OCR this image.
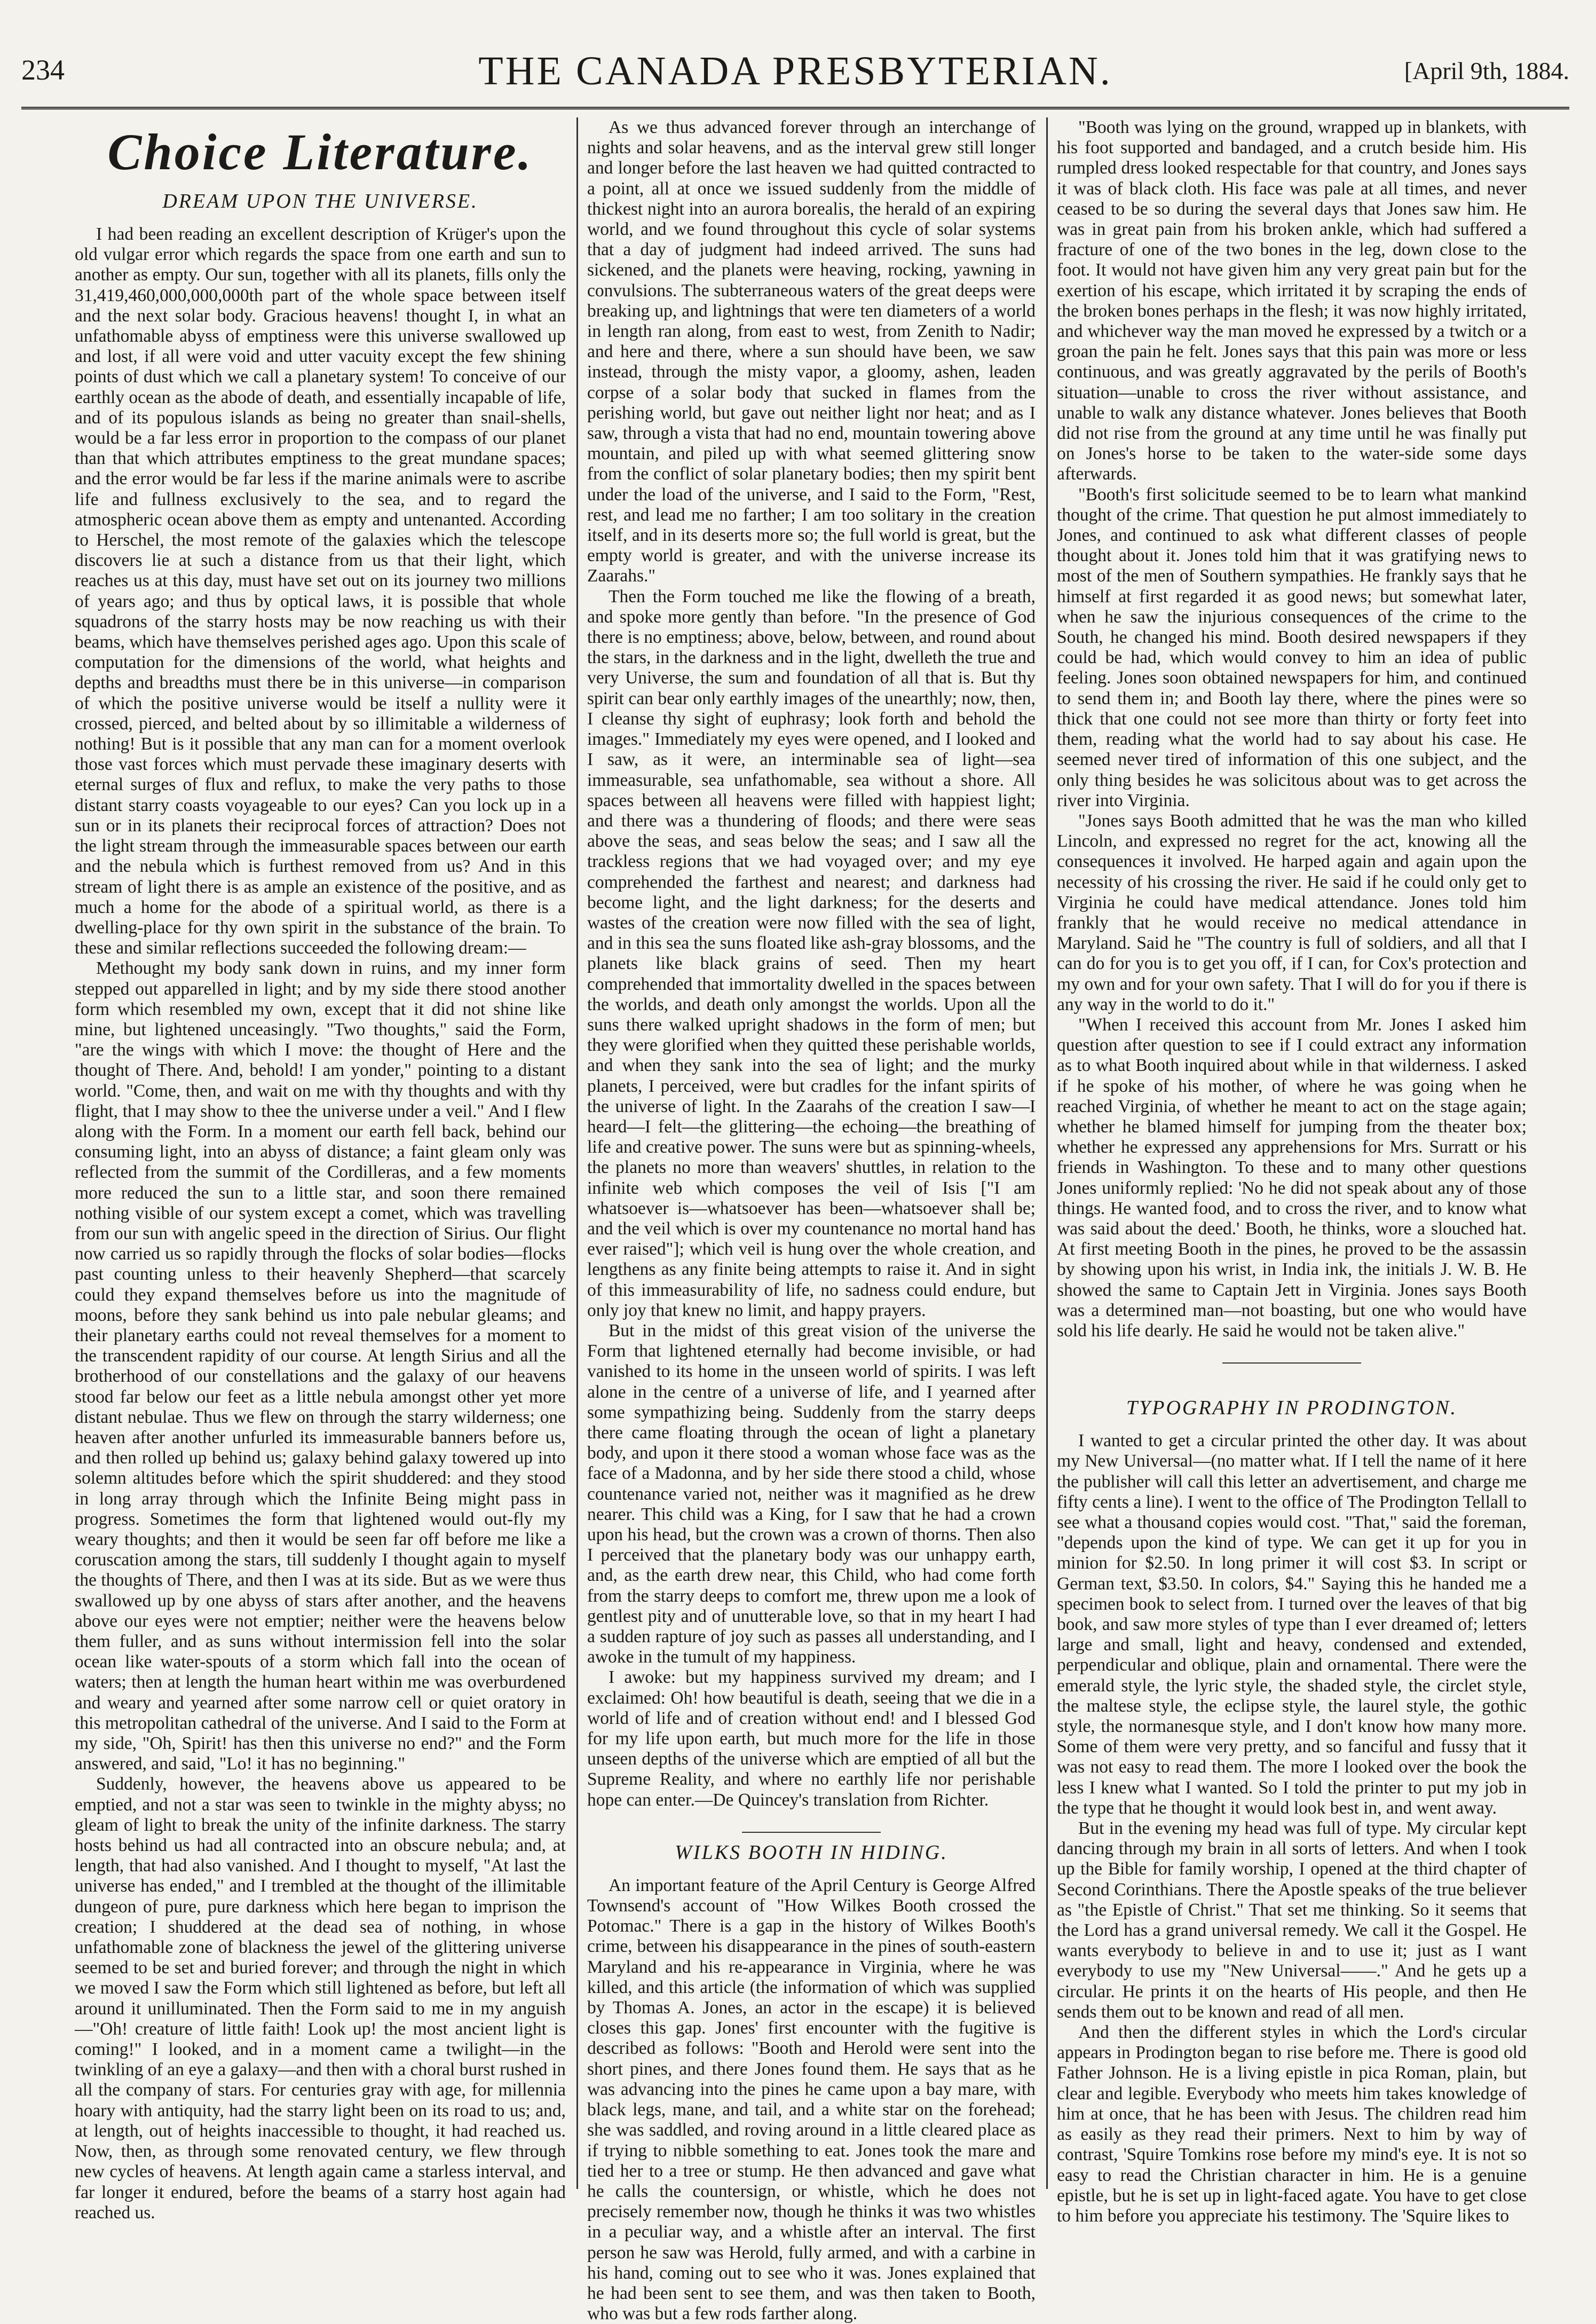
234	THE CANADA PRESBYTERIAN.	[April 9th, 1884.
Choice Literature.
DREAM UPON THE UNIVERSE.

I had been reading an excellent description of Krüger's upon the old vulgar error which regards the space from one earth and sun to another as empty. Our sun, together with all its planets, fills only the 31,419,460,000,000,000th part of the whole space between itself and the next solar body. Gracious heavens! thought I, in what an unfathomable abyss of emptiness were this universe swallowed up and lost, if all were void and utter vacuity except the few shining points of dust which we call a planetary system! To conceive of our earthly ocean as the abode of death, and essentially incapable of life, and of its populous islands as being no greater than snail-shells, would be a far less error in proportion to the compass of our planet than that which attributes emptiness to the great mundane spaces; and the error would be far less if the marine animals were to ascribe life and fullness exclusively to the sea, and to regard the atmospheric ocean above them as empty and untenanted. According to Herschel, the most remote of the galaxies which the telescope discovers lie at such a distance from us that their light, which reaches us at this day, must have set out on its journey two millions of years ago; and thus by optical laws, it is possible that whole squadrons of the starry hosts may be now reaching us with their beams, which have themselves perished ages ago. Upon this scale of computation for the dimensions of the world, what heights and depths and breadths must there be in this universe—in comparison of which the positive universe would be itself a nullity were it crossed, pierced, and belted about by so illimitable a wilderness of nothing! But is it possible that any man can for a moment overlook those vast forces which must pervade these imaginary deserts with eternal surges of flux and reflux, to make the very paths to those distant starry coasts voyageable to our eyes? Can you lock up in a sun or in its planets their reciprocal forces of attraction? Does not the light stream through the immeasurable spaces between our earth and the nebula which is furthest removed from us? And in this stream of light there is as ample an existence of the positive, and as much a home for the abode of a spiritual world, as there is a dwelling-place for thy own spirit in the substance of the brain. To these and similar reflections succeeded the following dream:—

Methought my body sank down in ruins, and my inner form stepped out apparelled in light; and by my side there stood another form which resembled my own, except that it did not shine like mine, but lightened unceasingly. "Two thoughts," said the Form, "are the wings with which I move: the thought of Here and the thought of There. And, behold! I am yonder," pointing to a distant world. "Come, then, and wait on me with thy thoughts and with thy flight, that I may show to thee the universe under a veil." And I flew along with the Form. In a moment our earth fell back, behind our consuming light, into an abyss of distance; a faint gleam only was reflected from the summit of the Cordilleras, and a few moments more reduced the sun to a little star, and soon there remained nothing visible of our system except a comet, which was travelling from our sun with angelic speed in the direction of Sirius. Our flight now carried us so rapidly through the flocks of solar bodies—flocks past counting unless to their heavenly Shepherd—that scarcely could they expand themselves before us into the magnitude of moons, before they sank behind us into pale nebular gleams; and their planetary earths could not reveal themselves for a moment to the transcendent rapidity of our course. At length Sirius and all the brotherhood of our constellations and the galaxy of our heavens stood far below our feet as a little nebula amongst other yet more distant nebulae. Thus we flew on through the starry wilderness; one heaven after another unfurled its immeasurable banners before us, and then rolled up behind us; galaxy behind galaxy towered up into solemn altitudes before which the spirit shuddered: and they stood in long array through which the Infinite Being might pass in progress. Sometimes the form that lightened would out-fly my weary thoughts; and then it would be seen far off before me like a coruscation among the stars, till suddenly I thought again to myself the thoughts of There, and then I was at its side. But as we were thus swallowed up by one abyss of stars after another, and the heavens above our eyes were not emptier; neither were the heavens below them fuller, and as suns without intermission fell into the solar ocean like water-spouts of a storm which fall into the ocean of waters; then at length the human heart within me was overburdened and weary and yearned after some narrow cell or quiet oratory in this metropolitan cathedral of the universe. And I said to the Form at my side, "Oh, Spirit! has then this universe no end?" and the Form answered, and said, "Lo! it has no beginning."

Suddenly, however, the heavens above us appeared to be emptied, and not a star was seen to twinkle in the mighty abyss; no gleam of light to break the unity of the infinite darkness. The starry hosts behind us had all contracted into an obscure nebula; and, at length, that had also vanished. And I thought to myself, "At last the universe has ended," and I trembled at the thought of the illimitable dungeon of pure, pure darkness which here began to imprison the creation; I shuddered at the dead sea of nothing, in whose unfathomable zone of blackness the jewel of the glittering universe seemed to be set and buried forever; and through the night in which we moved I saw the Form which still lightened as before, but left all around it unilluminated. Then the Form said to me in my anguish—"Oh! creature of little faith! Look up! the most ancient light is coming!" I looked, and in a moment came a twilight—in the twinkling of an eye a galaxy—and then with a choral burst rushed in all the company of stars. For centuries gray with age, for millennia hoary with antiquity, had the starry light been on its road to us; and, at length, out of heights inaccessible to thought, it had reached us. Now, then, as through some renovated century, we flew through new cycles of heavens. At length again came a starless interval, and far longer it endured, before the beams of a starry host again had reached us.

As we thus advanced forever through an interchange of nights and solar heavens, and as the interval grew still longer and longer before the last heaven we had quitted contracted to a point, all at once we issued suddenly from the middle of thickest night into an aurora borealis, the herald of an expiring world, and we found throughout this cycle of solar systems that a day of judgment had indeed arrived. The suns had sickened, and the planets were heaving, rocking, yawning in convulsions. The subterraneous waters of the great deeps were breaking up, and lightnings that were ten diameters of a world in length ran along, from east to west, from Zenith to Nadir; and here and there, where a sun should have been, we saw instead, through the misty vapor, a gloomy, ashen, leaden corpse of a solar body that sucked in flames from the perishing world, but gave out neither light nor heat; and as I saw, through a vista that had no end, mountain towering above mountain, and piled up with what seemed glittering snow from the conflict of solar planetary bodies; then my spirit bent under the load of the universe, and I said to the Form, "Rest, rest, and lead me no farther; I am too solitary in the creation itself, and in its deserts more so; the full world is great, but the empty world is greater, and with the universe increase its Zaarahs."

Then the Form touched me like the flowing of a breath, and spoke more gently than before. "In the presence of God there is no emptiness; above, below, between, and round about the stars, in the darkness and in the light, dwelleth the true and very Universe, the sum and foundation of all that is. But thy spirit can bear only earthly images of the unearthly; now, then, I cleanse thy sight of euphrasy; look forth and behold the images." Immediately my eyes were opened, and I looked and I saw, as it were, an interminable sea of light—sea immeasurable, sea unfathomable, sea without a shore. All spaces between all heavens were filled with happiest light; and there was a thundering of floods; and there were seas above the seas, and seas below the seas; and I saw all the trackless regions that we had voyaged over; and my eye comprehended the farthest and nearest; and darkness had become light, and the light darkness; for the deserts and wastes of the creation were now filled with the sea of light, and in this sea the suns floated like ash-gray blossoms, and the planets like black grains of seed. Then my heart comprehended that immortality dwelled in the spaces between the worlds, and death only amongst the worlds. Upon all the suns there walked upright shadows in the form of men; but they were glorified when they quitted these perishable worlds, and when they sank into the sea of light; and the murky planets, I perceived, were but cradles for the infant spirits of the universe of light. In the Zaarahs of the creation I saw—I heard—I felt—the glittering—the echoing—the breathing of life and creative power. The suns were but as spinning-wheels, the planets no more than weavers' shuttles, in relation to the infinite web which composes the veil of Isis ["I am whatsoever is—whatsoever has been—whatsoever shall be; and the veil which is over my countenance no mortal hand has ever raised"]; which veil is hung over the whole creation, and lengthens as any finite being attempts to raise it. And in sight of this immeasurability of life, no sadness could endure, but only joy that knew no limit, and happy prayers.

But in the midst of this great vision of the universe the Form that lightened eternally had become invisible, or had vanished to its home in the unseen world of spirits. I was left alone in the centre of a universe of life, and I yearned after some sympathizing being. Suddenly from the starry deeps there came floating through the ocean of light a planetary body, and upon it there stood a woman whose face was as the face of a Madonna, and by her side there stood a child, whose countenance varied not, neither was it magnified as he drew nearer. This child was a King, for I saw that he had a crown upon his head, but the crown was a crown of thorns. Then also I perceived that the planetary body was our unhappy earth, and, as the earth drew near, this Child, who had come forth from the starry deeps to comfort me, threw upon me a look of gentlest pity and of unutterable love, so that in my heart I had a sudden rapture of joy such as passes all understanding, and I awoke in the tumult of my happiness.

I awoke: but my happiness survived my dream; and I exclaimed: Oh! how beautiful is death, seeing that we die in a world of life and of creation without end! and I blessed God for my life upon earth, but much more for the life in those unseen depths of the universe which are emptied of all but the Supreme Reality, and where no earthly life nor perishable hope can enter.—De Quincey's translation from Richter.

WILKS BOOTH IN HIDING.

An important feature of the April Century is George Alfred Townsend's account of "How Wilkes Booth crossed the Potomac." There is a gap in the history of Wilkes Booth's crime, between his disappearance in the pines of south-eastern Maryland and his re-appearance in Virginia, where he was killed, and this article (the information of which was supplied by Thomas A. Jones, an actor in the escape) it is believed closes this gap. Jones' first encounter with the fugitive is described as follows: "Booth and Herold were sent into the short pines, and there Jones found them. He says that as he was advancing into the pines he came upon a bay mare, with black legs, mane, and tail, and a white star on the forehead; she was saddled, and roving around in a little cleared place as if trying to nibble something to eat. Jones took the mare and tied her to a tree or stump. He then advanced and gave what he calls the countersign, or whistle, which he does not precisely remember now, though he thinks it was two whistles in a peculiar way, and a whistle after an interval. The first person he saw was Herold, fully armed, and with a carbine in his hand, coming out to see who it was. Jones explained that he had been sent to see them, and was then taken to Booth, who was but a few rods farther along.

"Booth was lying on the ground, wrapped up in blankets, with his foot supported and bandaged, and a crutch beside him. His rumpled dress looked respectable for that country, and Jones says it was of black cloth. His face was pale at all times, and never ceased to be so during the several days that Jones saw him. He was in great pain from his broken ankle, which had suffered a fracture of one of the two bones in the leg, down close to the foot. It would not have given him any very great pain but for the exertion of his escape, which irritated it by scraping the ends of the broken bones perhaps in the flesh; it was now highly irritated, and whichever way the man moved he expressed by a twitch or a groan the pain he felt. Jones says that this pain was more or less continuous, and was greatly aggravated by the perils of Booth's situation—unable to cross the river without assistance, and unable to walk any distance whatever. Jones believes that Booth did not rise from the ground at any time until he was finally put on Jones's horse to be taken to the water-side some days afterwards.

"Booth's first solicitude seemed to be to learn what mankind thought of the crime. That question he put almost immediately to Jones, and continued to ask what different classes of people thought about it. Jones told him that it was gratifying news to most of the men of Southern sympathies. He frankly says that he himself at first regarded it as good news; but somewhat later, when he saw the injurious consequences of the crime to the South, he changed his mind. Booth desired newspapers if they could be had, which would convey to him an idea of public feeling. Jones soon obtained newspapers for him, and continued to send them in; and Booth lay there, where the pines were so thick that one could not see more than thirty or forty feet into them, reading what the world had to say about his case. He seemed never tired of information of this one subject, and the only thing besides he was solicitous about was to get across the river into Virginia.

"Jones says Booth admitted that he was the man who killed Lincoln, and expressed no regret for the act, knowing all the consequences it involved. He harped again and again upon the necessity of his crossing the river. He said if he could only get to Virginia he could have medical attendance. Jones told him frankly that he would receive no medical attendance in Maryland. Said he "The country is full of soldiers, and all that I can do for you is to get you off, if I can, for Cox's protection and my own and for your own safety. That I will do for you if there is any way in the world to do it."

"When I received this account from Mr. Jones I asked him question after question to see if I could extract any information as to what Booth inquired about while in that wilderness. I asked if he spoke of his mother, of where he was going when he reached Virginia, of whether he meant to act on the stage again; whether he blamed himself for jumping from the theater box; whether he expressed any apprehensions for Mrs. Surratt or his friends in Washington. To these and to many other questions Jones uniformly replied: 'No he did not speak about any of those things. He wanted food, and to cross the river, and to know what was said about the deed.' Booth, he thinks, wore a slouched hat. At first meeting Booth in the pines, he proved to be the assassin by showing upon his wrist, in India ink, the initials J. W. B. He showed the same to Captain Jett in Virginia. Jones says Booth was a determined man—not boasting, but one who would have sold his life dearly. He said he would not be taken alive."

TYPOGRAPHY IN PRODINGTON.

I wanted to get a circular printed the other day. It was about my New Universal—(no matter what. If I tell the name of it here the publisher will call this letter an advertisement, and charge me fifty cents a line). I went to the office of The Prodington Tellall to see what a thousand copies would cost. "That," said the foreman, "depends upon the kind of type. We can get it up for you in minion for $2.50. In long primer it will cost $3. In script or German text, $3.50. In colors, $4." Saying this he handed me a specimen book to select from. I turned over the leaves of that big book, and saw more styles of type than I ever dreamed of; letters large and small, light and heavy, condensed and extended, perpendicular and oblique, plain and ornamental. There were the emerald style, the lyric style, the shaded style, the circlet style, the maltese style, the eclipse style, the laurel style, the gothic style, the normanesque style, and I don't know how many more. Some of them were very pretty, and so fanciful and fussy that it was not easy to read them. The more I looked over the book the less I knew what I wanted. So I told the printer to put my job in the type that he thought it would look best in, and went away.

But in the evening my head was full of type. My circular kept dancing through my brain in all sorts of letters. And when I took up the Bible for family worship, I opened at the third chapter of Second Corinthians. There the Apostle speaks of the true believer as "the Epistle of Christ." That set me thinking. So it seems that the Lord has a grand universal remedy. We call it the Gospel. He wants everybody to believe in and to use it; just as I want everybody to use my "New Universal——." And he gets up a circular. He prints it on the hearts of His people, and then He sends them out to be known and read of all men.

And then the different styles in which the Lord's circular appears in Prodington began to rise before me. There is good old Father Johnson. He is a living epistle in pica Roman, plain, but clear and legible. Everybody who meets him takes knowledge of him at once, that he has been with Jesus. The children read him as easily as they read their primers. Next to him by way of contrast, 'Squire Tomkins rose before my mind's eye. It is not so easy to read the Christian character in him. He is a genuine epistle, but he is set up in light-faced agate. You have to get close to him before you appreciate his testimony. The 'Squire likes to
